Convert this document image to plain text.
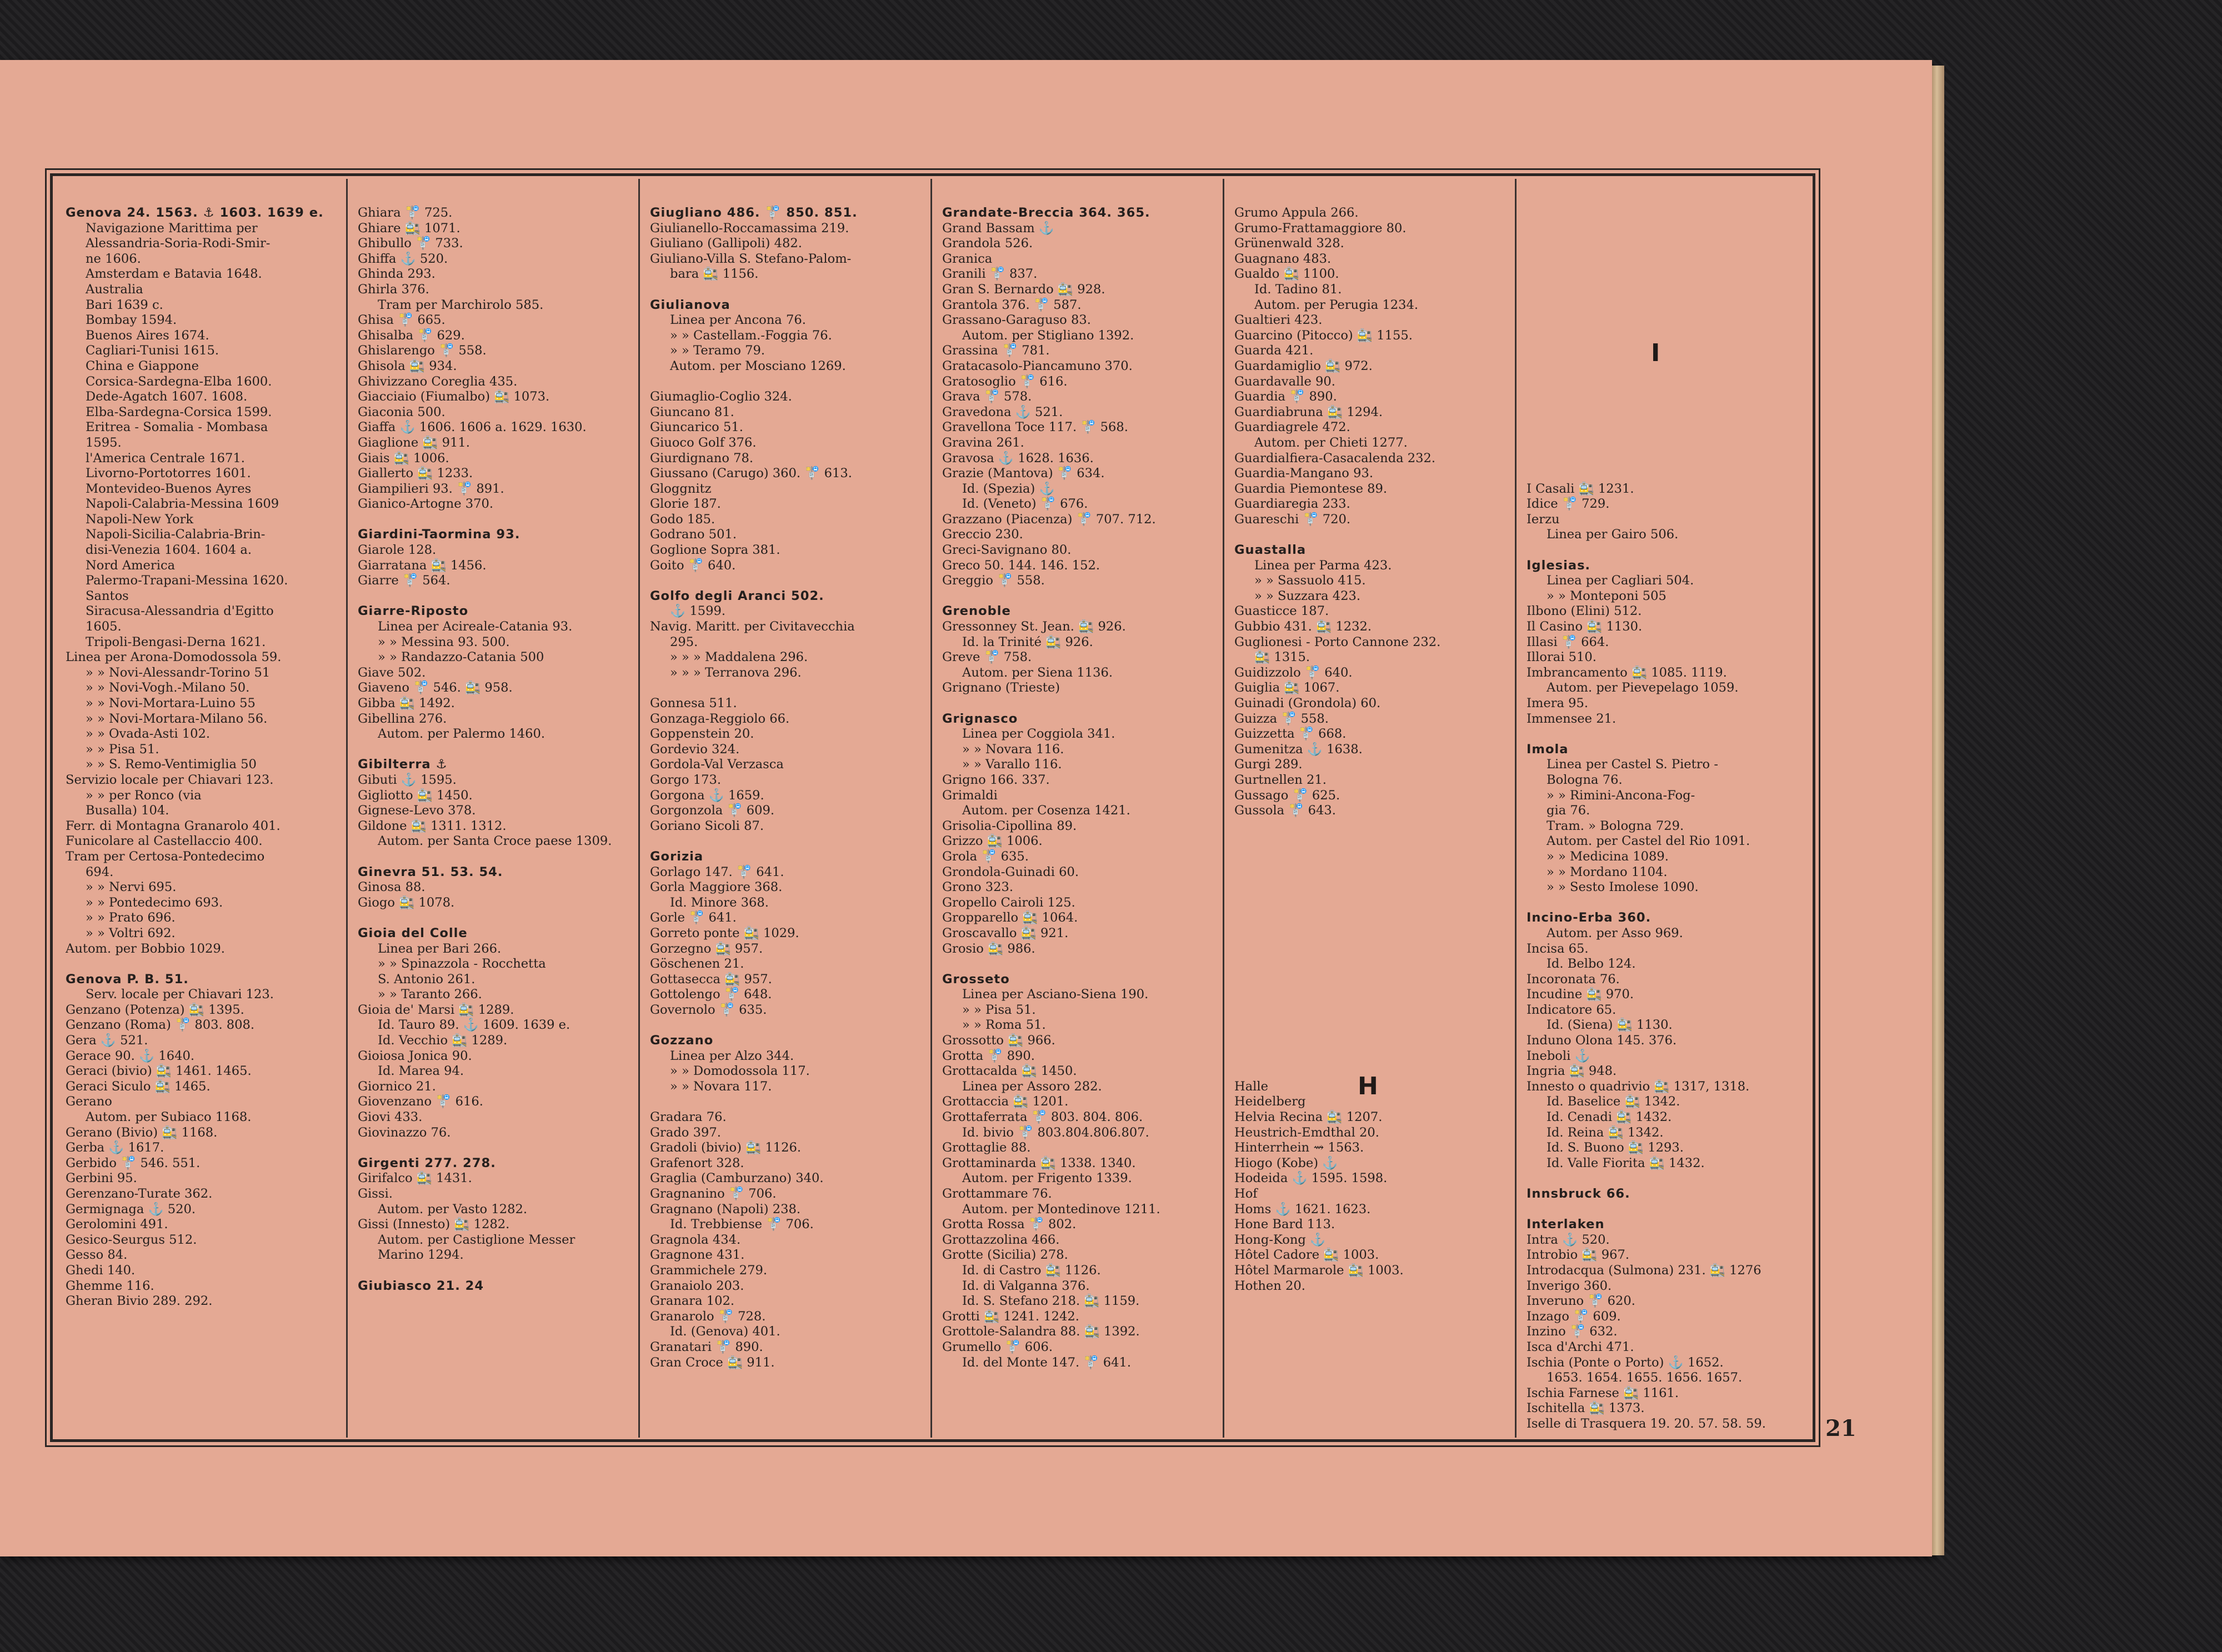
Genova 24. 1563. ⚓ 1603. 1639 e.
Navigazione Marittima per
Alessandria-Soria-Rodi-Smir-
ne 1606.
Amsterdam e Batavia 1648.
Australia
Bari 1639 c.
Bombay 1594.
Buenos Aires 1674.
Cagliari-Tunisi 1615.
China e Giappone
Corsica-Sardegna-Elba 1600.
Dede-Agatch 1607. 1608.
Elba-Sardegna-Corsica 1599.
Eritrea - Somalia - Mombasa
1595.
l'America Centrale 1671.
Livorno-Portotorres 1601.
Montevideo-Buenos Ayres
Napoli-Calabria-Messina 1609
Napoli-New York
Napoli-Sicilia-Calabria-Brin-
disi-Venezia 1604. 1604 a.
Nord America
Palermo-Trapani-Messina 1620.
Santos
Siracusa-Alessandria d'Egitto
1605.
Tripoli-Bengasi-Derna 1621.
Linea per Arona-Domodossola 59.
» » Novi-Alessandr-Torino 51
» » Novi-Vogh.-Milano 50.
» » Novi-Mortara-Luino 55
» » Novi-Mortara-Milano 56.
» » Ovada-Asti 102.
» » Pisa 51.
» » S. Remo-Ventimiglia 50
Servizio locale per Chiavari 123.
» » per Ronco (via
Busalla) 104.
Ferr. di Montagna Granarolo 401.
Funicolare al Castellaccio 400.
Tram per Certosa-Pontedecimo
694.
» » Nervi 695.
» » Pontedecimo 693.
» » Prato 696.
» » Voltri 692.
Autom. per Bobbio 1029.
Genova P. B. 51.
Serv. locale per Chiavari 123.
Genzano (Potenza) 🚉 1395.
Genzano (Roma) 🚏 803. 808.
Gera ⚓ 521.
Gerace 90. ⚓ 1640.
Geraci (bivio) 🚉 1461. 1465.
Geraci Siculo 🚉 1465.
Gerano
Autom. per Subiaco 1168.
Gerano (Bivio) 🚉 1168.
Gerba ⚓ 1617.
Gerbido 🚏 546. 551.
Gerbini 95.
Gerenzano-Turate 362.
Germignaga ⚓ 520.
Gerolomini 491.
Gesico-Seurgus 512.
Gesso 84.
Ghedi 140.
Ghemme 116.
Gheran Bivio 289. 292.
Ghiara 🚏 725.
Ghiare 🚉 1071.
Ghibullo 🚏 733.
Ghiffa ⚓ 520.
Ghinda 293.
Ghirla 376.
Tram per Marchirolo 585.
Ghisa 🚏 665.
Ghisalba 🚏 629.
Ghislarengo 🚏 558.
Ghisola 🚉 934.
Ghivizzano Coreglia 435.
Giacciaio (Fiumalbo) 🚉 1073.
Giaconia 500.
Giaffa ⚓ 1606. 1606 a. 1629. 1630.
Giaglione 🚉 911.
Giais 🚉 1006.
Giallerto 🚉 1233.
Giampilieri 93. 🚏 891.
Gianico-Artogne 370.
Giardini-Taormina 93.
Giarole 128.
Giarratana 🚉 1456.
Giarre 🚏 564.
Giarre-Riposto
Linea per Acireale-Catania 93.
» » Messina 93. 500.
» » Randazzo-Catania 500
Giave 502.
Giaveno 🚏 546. 🚉 958.
Gibba 🚉 1492.
Gibellina 276.
Autom. per Palermo 1460.
Gibilterra ⚓
Gibuti ⚓ 1595.
Gigliotto 🚉 1450.
Gignese-Levo 378.
Gildone 🚉 1311. 1312.
Autom. per Santa Croce paese 1309.
Ginevra 51. 53. 54.
Ginosa 88.
Giogo 🚉 1078.
Gioia del Colle
Linea per Bari 266.
» » Spinazzola - Rocchetta
S. Antonio 261.
» » Taranto 266.
Gioia de' Marsi 🚉 1289.
Id. Tauro 89. ⚓ 1609. 1639 e.
Id. Vecchio 🚉 1289.
Gioiosa Jonica 90.
Id. Marea 94.
Giornico 21.
Giovenzano 🚏 616.
Giovi 433.
Giovinazzo 76.
Girgenti 277. 278.
Girifalco 🚉 1431.
Gissi.
Autom. per Vasto 1282.
Gissi (Innesto) 🚉 1282.
Autom. per Castiglione Messer
Marino 1294.
Giubiasco 21. 24
Giugliano 486. 🚏 850. 851.
Giulianello-Roccamassima 219.
Giuliano (Gallipoli) 482.
Giuliano-Villa S. Stefano-Palom-
bara 🚉 1156.
Giulianova
Linea per Ancona 76.
» » Castellam.-Foggia 76.
» » Teramo 79.
Autom. per Mosciano 1269.
Giumaglio-Coglio 324.
Giuncano 81.
Giuncarico 51.
Giuoco Golf 376.
Giurdignano 78.
Giussano (Carugo) 360. 🚏 613.
Gloggnitz
Glorie 187.
Godo 185.
Godrano 501.
Goglione Sopra 381.
Goito 🚏 640.
Golfo degli Aranci 502.
⚓ 1599.
Navig. Maritt. per Civitavecchia
295.
» » » Maddalena 296.
» » » Terranova 296.
Gonnesa 511.
Gonzaga-Reggiolo 66.
Goppenstein 20.
Gordevio 324.
Gordola-Val Verzasca
Gorgo 173.
Gorgona ⚓ 1659.
Gorgonzola 🚏 609.
Goriano Sicoli 87.
Gorizia
Gorlago 147. 🚏 641.
Gorla Maggiore 368.
Id. Minore 368.
Gorle 🚏 641.
Gorreto ponte 🚉 1029.
Gorzegno 🚉 957.
Göschenen 21.
Gottasecca 🚉 957.
Gottolengo 🚏 648.
Governolo 🚏 635.
Gozzano
Linea per Alzo 344.
» » Domodossola 117.
» » Novara 117.
Gradara 76.
Grado 397.
Gradoli (bivio) 🚉 1126.
Grafenort 328.
Graglia (Camburzano) 340.
Gragnanino 🚏 706.
Gragnano (Napoli) 238.
Id. Trebbiense 🚏 706.
Gragnola 434.
Gragnone 431.
Grammichele 279.
Granaiolo 203.
Granara 102.
Granarolo 🚏 728.
Id. (Genova) 401.
Granatari 🚏 890.
Gran Croce 🚉 911.
Grandate-Breccia 364. 365.
Grand Bassam ⚓
Grandola 526.
Granica
Granili 🚏 837.
Gran S. Bernardo 🚉 928.
Grantola 376. 🚏 587.
Grassano-Garaguso 83.
Autom. per Stigliano 1392.
Grassina 🚏 781.
Gratacasolo-Piancamuno 370.
Gratosoglio 🚏 616.
Grava 🚏 578.
Gravedona ⚓ 521.
Gravellona Toce 117. 🚏 568.
Gravina 261.
Gravosa ⚓ 1628. 1636.
Grazie (Mantova) 🚏 634.
Id. (Spezia) ⚓
Id. (Veneto) 🚏 676.
Grazzano (Piacenza) 🚏 707. 712.
Greccio 230.
Greci-Savignano 80.
Greco 50. 144. 146. 152.
Greggio 🚏 558.
Grenoble
Gressonney St. Jean. 🚉 926.
Id. la Trinité 🚉 926.
Greve 🚏 758.
Autom. per Siena 1136.
Grignano (Trieste)
Grignasco
Linea per Coggiola 341.
» » Novara 116.
» » Varallo 116.
Grigno 166. 337.
Grimaldi
Autom. per Cosenza 1421.
Grisolia-Cipollina 89.
Grizzo 🚉 1006.
Grola 🚏 635.
Grondola-Guinadi 60.
Grono 323.
Gropello Cairoli 125.
Gropparello 🚉 1064.
Groscavallo 🚉 921.
Grosio 🚉 986.
Grosseto
Linea per Asciano-Siena 190.
» » Pisa 51.
» » Roma 51.
Grossotto 🚉 966.
Grotta 🚏 890.
Grottacalda 🚉 1450.
Linea per Assoro 282.
Grottaccia 🚉 1201.
Grottaferrata 🚏 803. 804. 806.
Id. bivio 🚏 803.804.806.807.
Grottaglie 88.
Grottaminarda 🚉 1338. 1340.
Autom. per Frigento 1339.
Grottammare 76.
Autom. per Montedinove 1211.
Grotta Rossa 🚏 802.
Grottazzolina 466.
Grotte (Sicilia) 278.
Id. di Castro 🚉 1126.
Id. di Valganna 376.
Id. S. Stefano 218. 🚉 1159.
Grotti 🚉 1241. 1242.
Grottole-Salandra 88. 🚉 1392.
Grumello 🚏 606.
Id. del Monte 147. 🚏 641.
Grumo Appula 266.
Grumo-Frattamaggiore 80.
Grünenwald 328.
Guagnano 483.
Gualdo 🚉 1100.
Id. Tadino 81.
Autom. per Perugia 1234.
Gualtieri 423.
Guarcino (Pitocco) 🚉 1155.
Guarda 421.
Guardamiglio 🚉 972.
Guardavalle 90.
Guardia 🚏 890.
Guardiabruna 🚉 1294.
Guardiagrele 472.
Autom. per Chieti 1277.
Guardialfiera-Casacalenda 232.
Guardia-Mangano 93.
Guardia Piemontese 89.
Guardiaregia 233.
Guareschi 🚏 720.
Guastalla
Linea per Parma 423.
» » Sassuolo 415.
» » Suzzara 423.
Guasticce 187.
Gubbio 431. 🚉 1232.
Guglionesi - Porto Cannone 232.
🚉 1315.
Guidizzolo 🚏 640.
Guiglia 🚉 1067.
Guinadi (Grondola) 60.
Guizza 🚏 558.
Guizzetta 🚏 668.
Gumenitza ⚓ 1638.
Gurgi 289.
Gurtnellen 21.
Gussago 🚏 625.
Gussola 🚏 643.
Halle
Heidelberg
Helvia Recina 🚉 1207.
Heustrich-Emdthal 20.
Hinterrhein ⇝ 1563.
Hiogo (Kobe) ⚓
Hodeida ⚓ 1595. 1598.
Hof
Homs ⚓ 1621. 1623.
Hone Bard 113.
Hong-Kong ⚓
Hôtel Cadore 🚉 1003.
Hôtel Marmarole 🚉 1003.
Hothen 20.
I Casali 🚉 1231.
Idice 🚏 729.
Ierzu
Linea per Gairo 506.
Iglesias.
Linea per Cagliari 504.
» » Monteponi 505
Ilbono (Elini) 512.
Il Casino 🚉 1130.
Illasi 🚏 664.
Illorai 510.
Imbrancamento 🚉 1085. 1119.
Autom. per Pievepelago 1059.
Imera 95.
Immensee 21.
Imola
Linea per Castel S. Pietro -
Bologna 76.
» » Rimini-Ancona-Fog-
gia 76.
Tram. » Bologna 729.
Autom. per Castel del Rio 1091.
» » Medicina 1089.
» » Mordano 1104.
» » Sesto Imolese 1090.
Incino-Erba 360.
Autom. per Asso 969.
Incisa 65.
Id. Belbo 124.
Incoronata 76.
Incudine 🚉 970.
Indicatore 65.
Id. (Siena) 🚉 1130.
Induno Olona 145. 376.
Ineboli ⚓
Ingria 🚉 948.
Innesto o quadrivio 🚉 1317, 1318.
Id. Baselice 🚉 1342.
Id. Cenadi 🚉 1432.
Id. Reina 🚉 1342.
Id. S. Buono 🚉 1293.
Id. Valle Fiorita 🚉 1432.
Innsbruck 66.
Interlaken
Intra ⚓ 520.
Introbio 🚉 967.
Introdacqua (Sulmona) 231. 🚉 1276
Inverigo 360.
Inveruno 🚏 620.
Inzago 🚏 609.
Inzino 🚏 632.
Isca d'Archi 471.
Ischia (Ponte o Porto) ⚓ 1652.
1653. 1654. 1655. 1656. 1657.
Ischia Farnese 🚉 1161.
Ischitella 🚉 1373.
Iselle di Trasquera 19. 20. 57. 58. 59.
H
I
21
